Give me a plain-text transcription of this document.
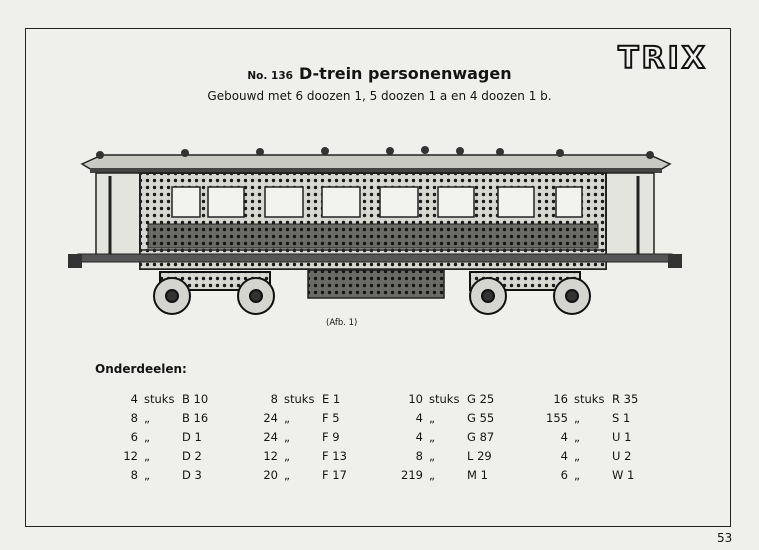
TRIX
No. 136 D-trein personenwagen
Gebouwd met 6 doozen 1, 5 doozen 1 a en 4 doozen 1 b.
(Afb. 1)
Onderdeelen:
4 stuks B 10
8 „	B 16
6 „	D 1
12 „	D 2
8 „	D 3
8 stuks E 1
24 „	F 5
24 „	F 9
12 „	F 13
20 „	F 17
10 stuks G 25
4 „	G 55
4 „	G 87
8 „	L 29
219 „	M 1
16 stuks R 35
155 „	S 1
4 „	U 1
4 „	U 2
6 „	W 1
53
